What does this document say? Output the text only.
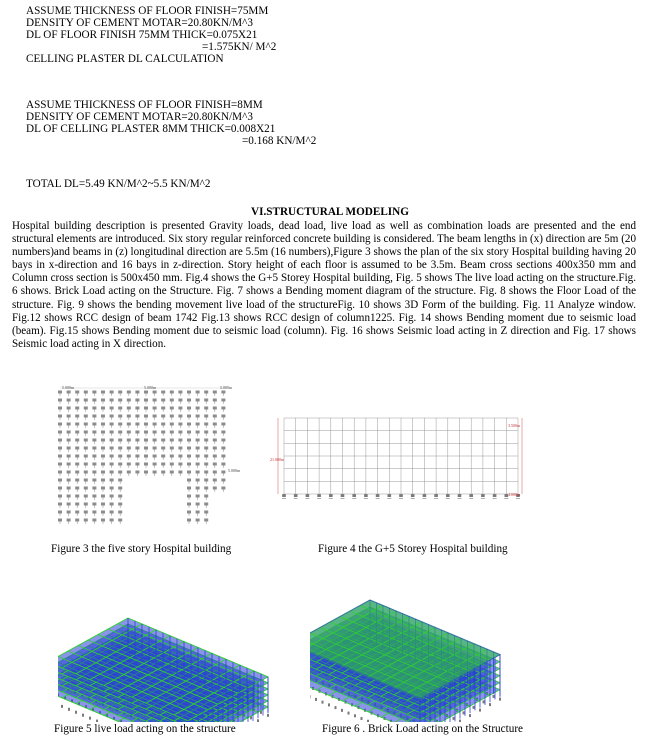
ASSUME THICKNESS OF FLOOR FINISH=75MM
DENSITY OF CEMENT MOTAR=20.80KN/M^3
DL OF FLOOR FINISH 75MM THICK=0.075X21
=1.575KN/ M^2
CELLING PLASTER DL CALCULATION
ASSUME THICKNESS OF FLOOR FINISH=8MM
DENSITY OF CEMENT MOTAR=20.80KN/M^3
DL OF CELLING PLASTER 8MM THICK=0.008X21
=0.168 KN/M^2
TOTAL DL=5.49 KN/M^2~5.5 KN/M^2
VI.STRUCTURAL MODELING
Hospital building description is presented Gravity loads, dead load, live load as well as combination loads are presented and the end structural elements are introduced. Six story regular reinforced concrete building is considered. The beam lengths in (x) direction are 5m (20 numbers)and beams in (z) longitudinal direction are 5.5m (16 numbers),Figure 3 shows the plan of the six story Hospital building having 20 bays in x-direction and 16 bays in z-direction. Story height of each floor is assumed to be 3.5m. Beam cross sections 400x350 mm and Column cross section is 500x450 mm. Fig.4 shows the G+5 Storey Hospital building, Fig. 5 shows The live load acting on the structure.Fig. 6 shows. Brick Load acting on the Structure. Fig. 7 shows a Bending moment diagram of the structure. Fig. 8 shows the Floor Load of the structure. Fig. 9 shows the bending movement live load of the structureFig. 10 shows 3D Form of the building. Fig. 11 Analyze window. Fig.12 shows RCC design of beam 1742 Fig.13 shows RCC design of column1225. Fig. 14 shows Bending moment due to seismic load (beam). Fig.15 shows Bending moment due to seismic load (column). Fig. 16 shows Seismic load acting in Z direction and Fig. 17 shows Seismic load acting in X direction.
5.000m	5.000m	5.000m
5.000m
Figure 3 the five story Hospital building
3.500m
21.000m
4.000m
Figure 4 the G+5 Storey Hospital building
Figure 5 live load acting on the structure	Figure 6 . Brick Load acting on the Structure
